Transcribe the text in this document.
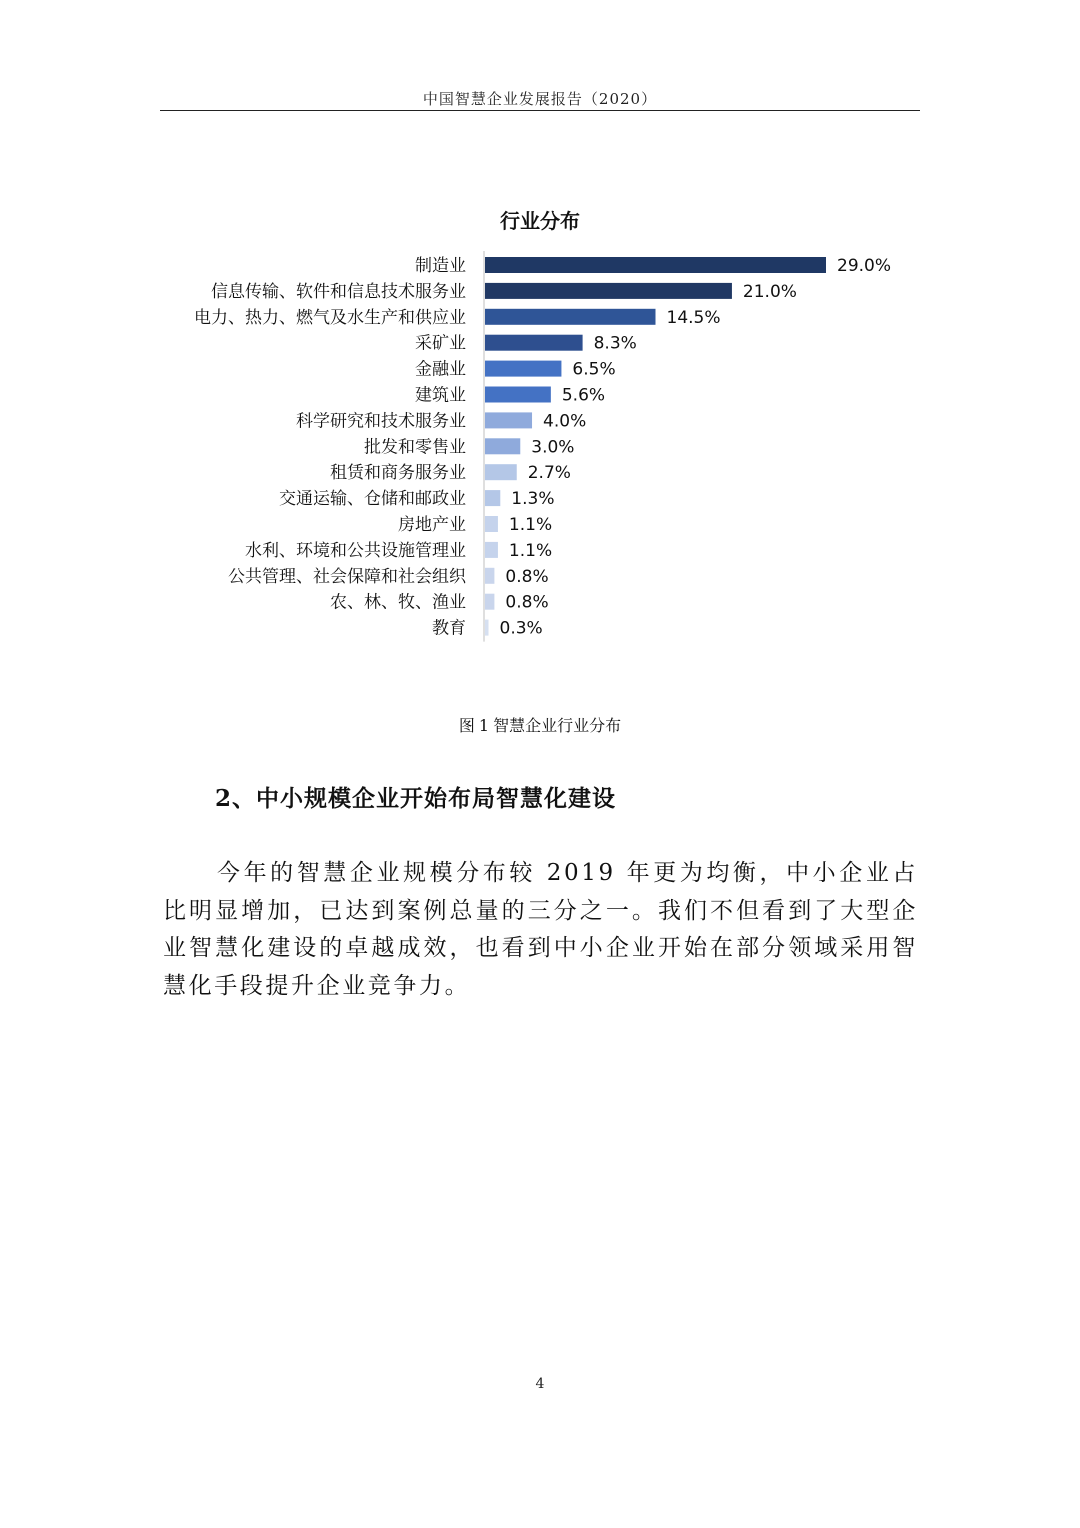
中国智慧企业发展报告（2020）
行业分布
制造业	29.0%
信息传输、软件和信息技术服务业	21.0%
电力、热力、燃气及水生产和供应业	14.5%
采矿业	8.3%
金融业	6.5%
建筑业	5.6%
科学研究和技术服务业	4.0%
批发和零售业	3.0%
租赁和商务服务业	2.7%
交通运输、仓储和邮政业	1.3%
房地产业	1.1%
水利、环境和公共设施管理业	1.1%
公共管理、社会保障和社会组织 0.8%
农、林、牧、渔业 0.8%
教育 0.3%
图 1 智慧企业行业分布
2、中小规模企业开始布局智慧化建设

今年的智慧企业规模分布较 2019 年更为均衡，中小企业占比明显增加，已达到案例总量的三分之一。我们不但看到了大型企业智慧化建设的卓越成效，也看到中小企业开始在部分领域采用智慧化手段提升企业竞争力。

4
